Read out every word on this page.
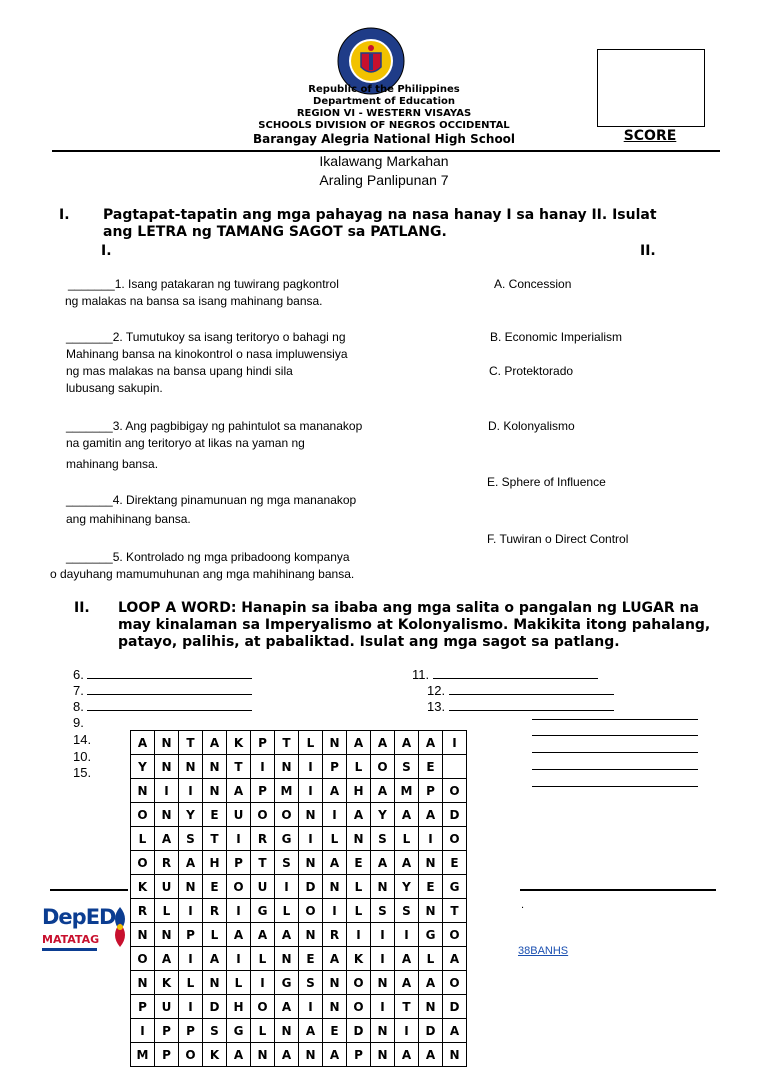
Republic of the Philippines
Department of Education
REGION VI - WESTERN VISAYAS
SCHOOLS DIVISION OF NEGROS OCCIDENTAL
Barangay Alegria National High School	SCORE
Ikalawang Markahan
Araling Panlipunan 7
I. Pagtapat-tapatin ang mga pahayag na nasa hanay I sa hanay II. Isulat
ang LETRA ng TAMANG SAGOT sa PATLANG.
I.	II.
_______1. Isang patakaran ng tuwirang pagkontrol
ng malakas na bansa sa isang mahinang bansa.
_______2. Tumutukoy sa isang teritoryo o bahagi ng
Mahinang bansa na kinokontrol o nasa impluwensiya
ng mas malakas na bansa upang hindi sila
lubusang sakupin.
_______3. Ang pagbibigay ng pahintulot sa mananakop
na gamitin ang teritoryo at likas na yaman ng
mahinang bansa.
_______4. Direktang pinamunuan ng mga mananakop
ang mahihinang bansa.
_______5. Kontrolado ng mga pribadoong kompanya
o dayuhang mamumuhunan ang mga mahihinang bansa.
A. Concession
B. Economic Imperialism
C. Protektorado
D. Kolonyalismo
E. Sphere of Influence
F. Tuwiran o Direct Control
II. LOOP A WORD: Hanapin sa ibaba ang mga salita o pangalan ng LUGAR na
may kinalaman sa Imperyalismo at Kolonyalismo. Makikita itong pahalang,
patayo, palihis, at pabaliktad. Isulat ang mga sagot sa patlang.
6.
7.
8.
9.
14.
10.
15.
11.
12.
13.
DepED
MATATAG
.
38BANHS
A	N	T	A	K	P	T	L	N	A	A	A	A	I
Y	N	N	N	T	I	N	I	P	L	O	S	E	
N	I	I	N	A	P	M	I	A	H	A	M	P	O
O	N	Y	E	U	O	O	N	I	A	Y	A	A	D
L	A	S	T	I	R	G	I	L	N	S	L	I	O
O	R	A	H	P	T	S	N	A	E	A	A	N	E
K	U	N	E	O	U	I	D	N	L	N	Y	E	G
R	L	I	R	I	G	L	O	I	L	S	S	N	T
N	N	P	L	A	A	A	N	R	I	I	I	G	O
O	A	I	A	I	L	N	E	A	K	I	A	L	A
N	K	L	N	L	I	G	S	N	O	N	A	A	O
P	U	I	D	H	O	A	I	N	O	I	T	N	D
I	P	P	S	G	L	N	A	E	D	N	I	D	A
M	P	O	K	A	N	A	N	A	P	N	A	A	N
